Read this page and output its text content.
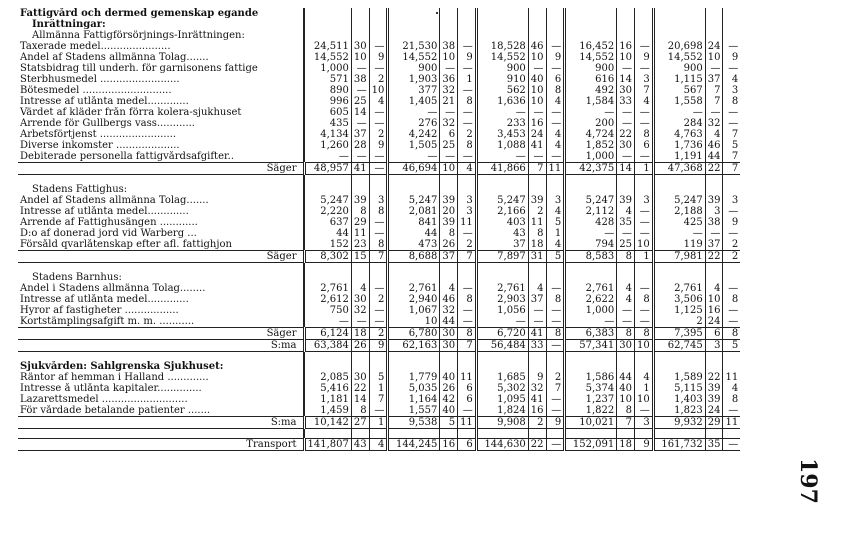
Fattigvård och dermed gemenskap egande															
Inrättningar:															
Allmänna Fattigförsörjnings-Inrättningen:															
Taxerade medel......................	24,511	30	—	21,530	38	—	18,528	46	—	16,452	16	—	20,698	24	—
Andel af Stadens allmänna Tolag.......	14,552	10	9	14,552	10	9	14,552	10	9	14,552	10	9	14,552	10	9
Statsbidrag till underh. för garnisonens fattige	1,000	—	—	900	—	—	900	—	—	900	—	—	900	—	—
Sterbhusmedel .........................	571	38	2	1,903	36	1	910	40	6	616	14	3	1,115	37	4
Bötesmedel ............................	890	—	10	377	32	—	562	10	8	492	30	7	567	7	3
Intresse af utlånta medel.............	996	25	4	1,405	21	8	1,636	10	4	1,584	33	4	1,558	7	8
Värdet af kläder från förra kolera-sjukhuset	605	14	—	—	—	—	—	—	—	—	—	—	—	—	—
Arrende för Gullbergs vass............	435	—	—	276	32	—	233	16	—	200	—	—	284	32	—
Arbetsförtjenst ........................	4,134	37	2	4,242	6	2	3,453	24	4	4,724	22	8	4,763	4	7
Diverse inkomster ....................	1,260	28	9	1,505	25	8	1,088	41	4	1,852	30	6	1,736	46	5
Debiterade personella fattigvårdsafgifter..	—	—	—	—	—	—	—	—	—	1,000	—	—	1,191	44	7
Säger	48,957	41	—	46,694	10	4	41,866	7	11	42,375	14	1	47,368	22	7

Stadens Fattighus:															
Andel af Stadens allmänna Tolag.......	5,247	39	3	5,247	39	3	5,247	39	3	5,247	39	3	5,247	39	3
Intresse af utlånta medel.............	2,220	8	8	2,081	20	3	2,166	2	4	2,112	4	—	2,188	3	—
Arrende af Fattighusängen ............	637	29	—	841	39	11	403	11	5	428	35	—	425	38	9
D:o af donerad jord vid Warberg ...	44	11	—	44	8	—	43	8	1	—	—	—	—	—	—
Försåld qvarlåtenskap efter afl. fattighjon	152	23	8	473	26	2	37	18	4	794	25	10	119	37	2
Säger	8,302	15	7	8,688	37	7	7,897	31	5	8,583	8	1	7,981	22	2

Stadens Barnhus:															
Andel i Stadens allmänna Tolag........	2,761	4	—	2,761	4	—	2,761	4	—	2,761	4	—	2,761	4	—
Intresse af utlånta medel.............	2,612	30	2	2,940	46	8	2,903	37	8	2,622	4	8	3,506	10	8
Hyror af fastigheter .................	750	32	—	1,067	32	—	1,056	—	—	1,000	—	—	1,125	16	—
Kortstämplingsafgift m. m. ...........	—	—	—	10	44	—	—	—	—	—	—	—	2	24	—
Säger	6,124	18	2	6,780	30	8	6,720	41	8	6,383	8	8	7,395	6	8
S:ma	63,384	26	9	62,163	30	7	56,484	33	—	57,341	30	10	62,745	3	5

Sjukvården: Sahlgrenska Sjukhuset:															
Räntor af hemman i Halland .............	2,085	30	5	1,779	40	11	1,685	9	2	1,586	44	4	1,589	22	11
Intresse å utlånta kapitaler..............	5,416	22	1	5,035	26	6	5,302	32	7	5,374	40	1	5,115	39	4
Lazarettsmedel ...........................	1,181	14	7	1,164	42	6	1,095	41	—	1,237	10	10	1,403	39	8
För vårdade betalande patienter .......	1,459	8	—	1,557	40	—	1,824	16	—	1,822	8	—	1,823	24	—
S:ma	10,142	27	1	9,538	5	11	9,908	2	9	10,021	7	3	9,932	29	11

Transport	141,807	43	4	144,245	16	6	144,630	22	—	152,091	18	9	161,732	35	—
197
